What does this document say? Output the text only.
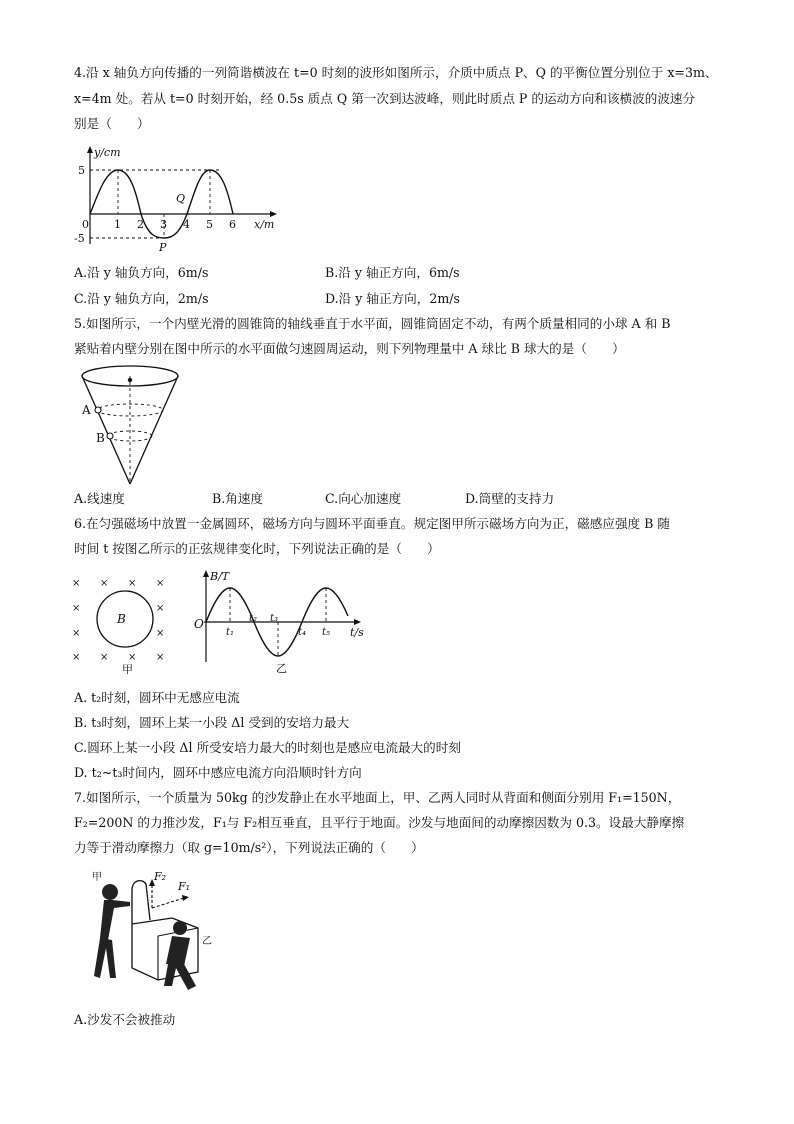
4.沿 x 轴负方向传播的一列简谐横波在 t=0 时刻的波形如图所示，介质中质点 P、Q 的平衡位置分别位于 x=3m、
x=4m 处。若从 t=0 时刻开始，经 0.5s 质点 Q 第一次到达波峰，则此时质点 P 的运动方向和该横波的波速分
别是（　　）
y/cm
x/m
0
5
-5
1 2 3 4 5 6
P
Q
A.沿 y 轴负方向，6m/s	B.沿 y 轴正方向，6m/s
C.沿 y 轴负方向，2m/s	D.沿 y 轴正方向，2m/s
5.如图所示，一个内壁光滑的圆锥筒的轴线垂直于水平面，圆锥筒固定不动，有两个质量相同的小球 A 和 B
紧贴着内壁分别在图中所示的水平面做匀速圆周运动，则下列物理量中 A 球比 B 球大的是（　　）
A
B
A.线速度	B.角速度	C.向心加速度	D.筒壁的支持力
6.在匀强磁场中放置一金属圆环，磁场方向与圆环平面垂直。规定图甲所示磁场方向为正，磁感应强度 B 随
时间 t 按图乙所示的正弦规律变化时，下列说法正确的是（　　）
× × × ×
×	×
×	×
× × × ×
B
甲
B/T
t/s
O
t₁
t₂ t₃
t₄ t₅
乙
A. t₂时刻，圆环中无感应电流
B. t₃时刻，圆环上某一小段 Δl 受到的安培力最大
C.圆环上某一小段 Δl 所受安培力最大的时刻也是感应电流最大的时刻
D. t₂~t₃时间内，圆环中感应电流方向沿顺时针方向
7.如图所示，一个质量为 50kg 的沙发静止在水平地面上，甲、乙两人同时从背面和侧面分别用 F₁=150N，
F₂=200N 的力推沙发，F₁与 F₂相互垂直，且平行于地面。沙发与地面间的动摩擦因数为 0.3。设最大静摩擦
力等于滑动摩擦力（取 g=10m/s²），下列说法正确的（　　）
甲
乙
F₁
F₂
A.沙发不会被推动
